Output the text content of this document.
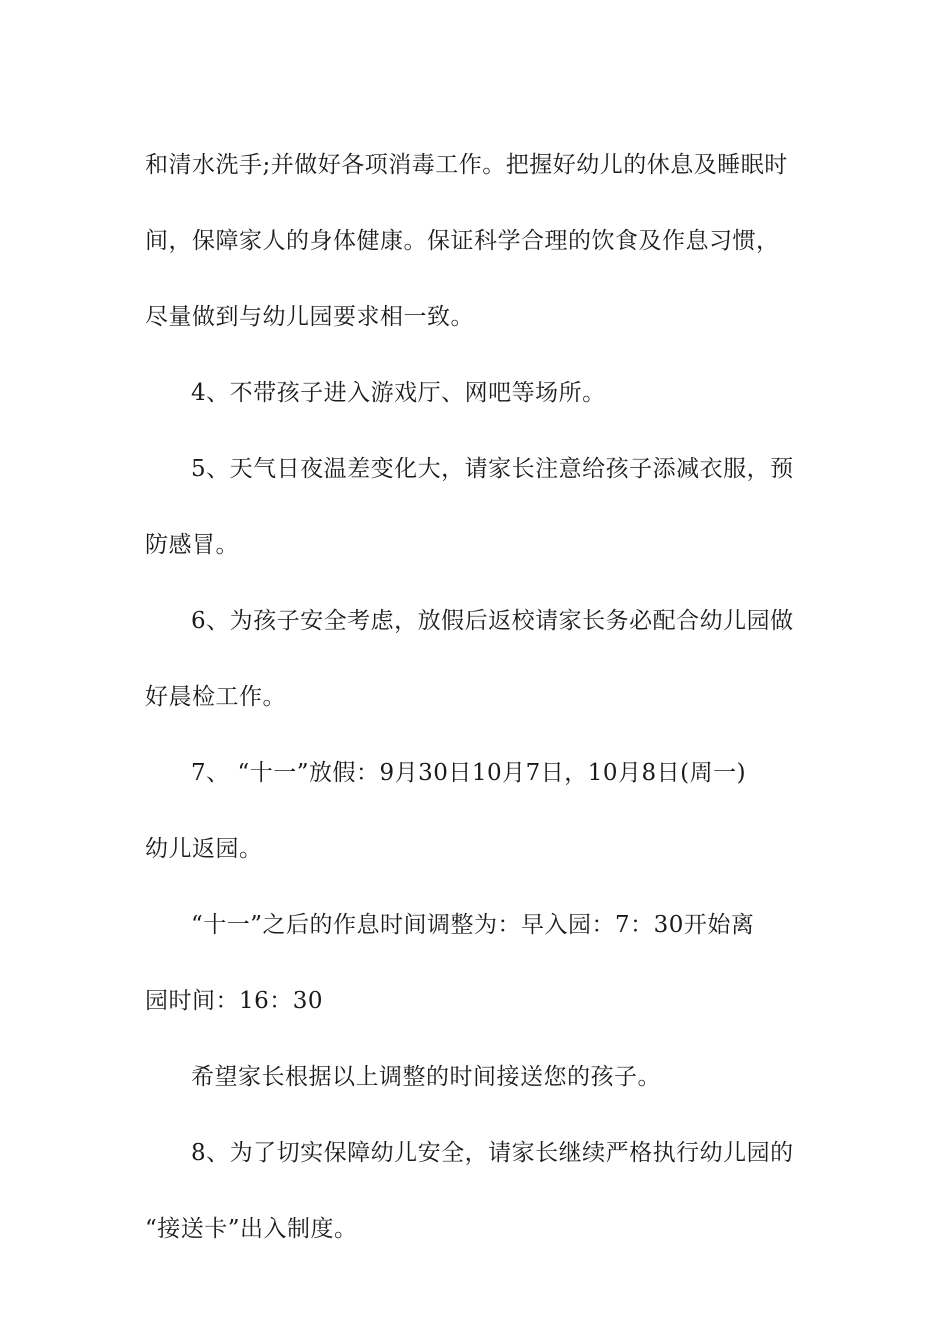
和清水洗手;并做好各项消毒工作。把握好幼儿的休息及睡眠时
间，保障家人的身体健康。保证科学合理的饮食及作息习惯，
尽量做到与幼儿园要求相一致。
4、不带孩子进入游戏厅、网吧等场所。
5、天气日夜温差变化大，请家长注意给孩子添减衣服，预
防感冒。
6、为孩子安全考虑，放假后返校请家长务必配合幼儿园做
好晨检工作。
7、 “十一”放假：9月30日10月7日，10月8日(周一)
幼儿返园。
“十一”之后的作息时间调整为：早入园：7：30开始离
园时间：16：30
希望家长根据以上调整的时间接送您的孩子。
8、为了切实保障幼儿安全，请家长继续严格执行幼儿园的
“接送卡”出入制度。
